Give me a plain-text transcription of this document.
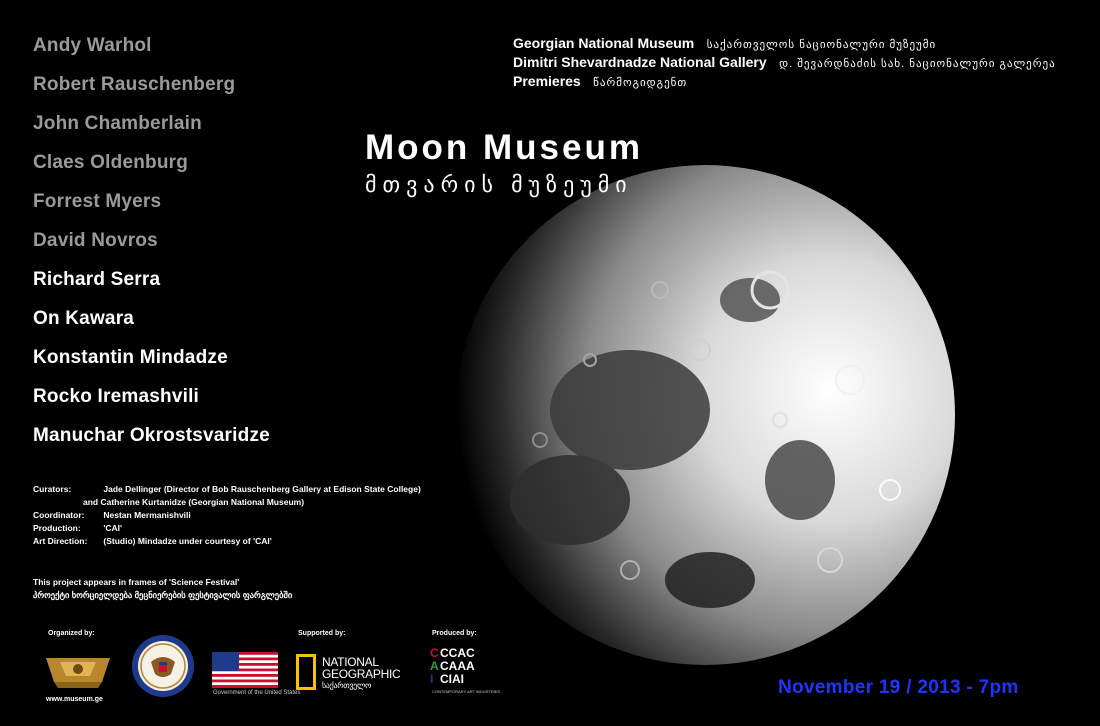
Andy Warhol
Robert Rauschenberg
John Chamberlain
Claes Oldenburg
Forrest Myers
David Novros
Richard Serra
On Kawara
Konstantin Mindadze
Rocko Iremashvili
Manuchar Okrostsvaridze
Georgian National Museum საქართველოს ნაციონალური მუზეუმი
Dimitri Shevardnadze National Gallery დ. შევარდნაძის სახ. ნაციონალური გალერეა
Premieres წარმოგიდგენთ
Moon Museum
მთვარის მუზეუმი
Curators:	Jade Dellinger (Director of Bob Rauschenberg Gallery at Edison State College)
and Catherine Kurtanidze (Georgian National Museum)
Coordinator: Nestan Mermanishvili
Production:	'CAI'
Art Direction: (Studio) Mindadze under courtesy of 'CAI'
This project appears in frames of 'Science Festival'
პროექტი ხორციელდება მეცნიერების ფესტივალის ფარგლებში
Organized by:	Supported by:	Produced by:
www.museum.ge
Government of the United States
NATIONAL
GEOGRAPHIC
საქართველო
C CCAC
A CAAA
I CIAI
CONTEMPORARY ART INDUSTRIES	November 19 / 2013 - 7pm
